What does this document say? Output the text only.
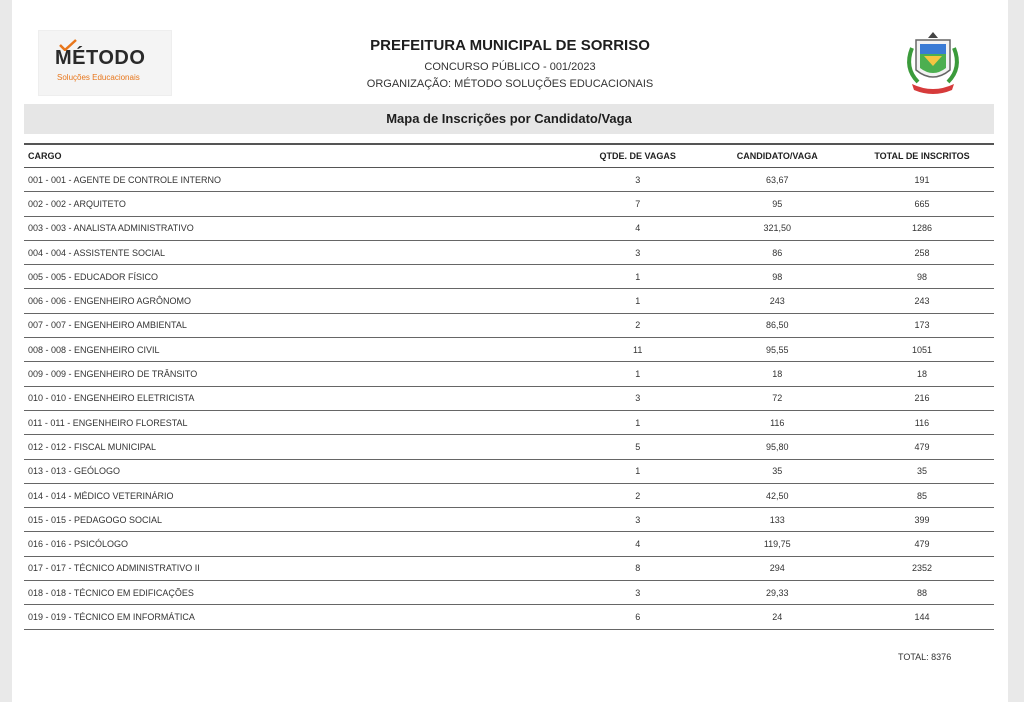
MÉTODO
Soluções Educacionais
PREFEITURA MUNICIPAL DE SORRISO
CONCURSO PÚBLICO - 001/2023
ORGANIZAÇÃO: MÉTODO SOLUÇÕES EDUCACIONAIS
Mapa de Inscrições por Candidato/Vaga
CARGO	QTDE. DE VAGAS	CANDIDATO/VAGA	TOTAL DE INSCRITOS
001 - 001 - AGENTE DE CONTROLE INTERNO	3	63,67	191
002 - 002 - ARQUITETO	7	95	665
003 - 003 - ANALISTA ADMINISTRATIVO	4	321,50	1286
004 - 004 - ASSISTENTE SOCIAL	3	86	258
005 - 005 - EDUCADOR FÍSICO	1	98	98
006 - 006 - ENGENHEIRO AGRÔNOMO	1	243	243
007 - 007 - ENGENHEIRO AMBIENTAL	2	86,50	173
008 - 008 - ENGENHEIRO CIVIL	11	95,55	1051
009 - 009 - ENGENHEIRO DE TRÂNSITO	1	18	18
010 - 010 - ENGENHEIRO ELETRICISTA	3	72	216
011 - 011 - ENGENHEIRO FLORESTAL	1	116	116
012 - 012 - FISCAL MUNICIPAL	5	95,80	479
013 - 013 - GEÓLOGO	1	35	35
014 - 014 - MÉDICO VETERINÁRIO	2	42,50	85
015 - 015 - PEDAGOGO SOCIAL	3	133	399
016 - 016 - PSICÓLOGO	4	119,75	479
017 - 017 - TÉCNICO ADMINISTRATIVO II	8	294	2352
018 - 018 - TÉCNICO EM EDIFICAÇÕES	3	29,33	88
019 - 019 - TÉCNICO EM INFORMÁTICA	6	24	144
TOTAL: 8376
